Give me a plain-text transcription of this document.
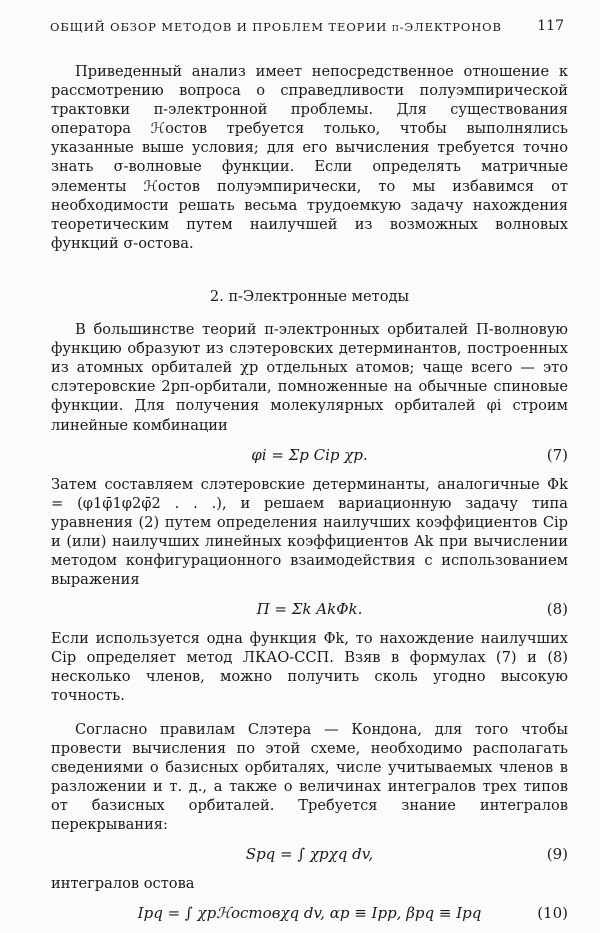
ОБЩИЙ ОБЗОР МЕТОДОВ И ПРОБЛЕМ ТЕОРИИ π-ЭЛЕКТРОНОВ	117

Приведенный анализ имеет непосредственное отношение к рассмотрению вопроса о справедливости полуэмпирической трактовки π-электронной проблемы. Для существования оператора ℋостов требуется только, чтобы выполнялись указанные выше условия; для его вычисления требуется точно знать σ-волновые функции. Если определять матричные элементы ℋостов полуэмпирически, то мы избавимся от необходимости решать весьма трудоемкую задачу нахождения теоретическим путем наилучшей из возможных волновых функций σ-остова.

2. π-Электронные методы

В большинстве теорий π-электронных орбиталей П-волновую функцию образуют из слэтеровских детерминантов, построенных из атомных орбиталей χp отдельных атомов; чаще всего — это слэтеровские 2pπ-орбитали, помноженные на обычные спиновые функции. Для получения молекулярных орбиталей φi строим линейные комбинации

φi = Σp Cip χp.	(7)

Затем составляем слэтеровские детерминанты, аналогичные Φk = (φ1φ̄1φ2φ̄2 . . .), и решаем вариационную задачу типа уравнения (2) путем определения наилучших коэффициентов Cip и (или) наилучших линейных коэффициентов Ak при вычислении методом конфигурационного взаимодействия с использованием выражения

П = Σk AkΦk.	(8)

Если используется одна функция Φk, то нахождение наилучших Cip определяет метод ЛКАО-ССП. Взяв в формулах (7) и (8) несколько членов, можно получить сколь угодно высокую точность.

Согласно правилам Слэтера — Кондона, для того чтобы провести вычисления по этой схеме, необходимо располагать сведениями о базисных орбиталях, числе учитываемых членов в разложении и т. д., а также о величинах интегралов трех типов от базисных орбиталей. Требуется знание интегралов перекрывания:

Spq = ∫ χpχq dv,	(9)

интегралов остова

Ipq = ∫ χpℋостовχq dv, αp ≡ Ipp, βpq ≡ Ipq	(10)
